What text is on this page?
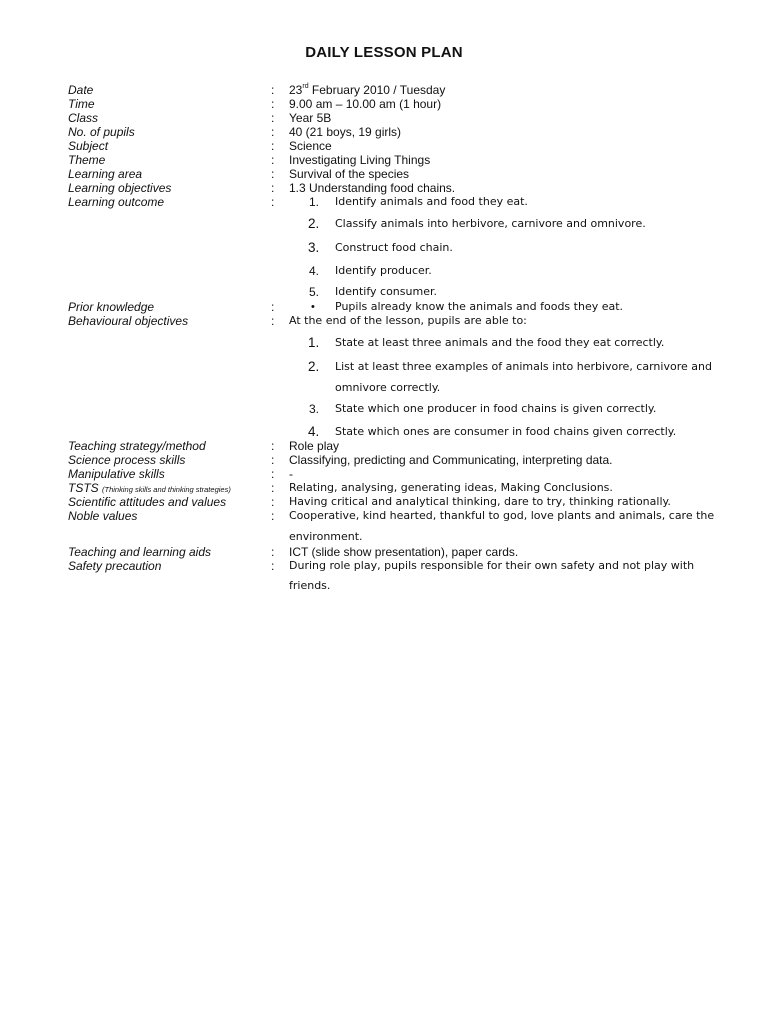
DAILY LESSON PLAN
Date	: 23rd February 2010 / Tuesday
Time	: 9.00 am – 10.00 am (1 hour)
Class	: Year 5B
No. of pupils	: 40 (21 boys, 19 girls)
Subject	: Science
Theme	: Investigating Living Things
Learning area	: Survival of the species
Learning objectives	: 1.3 Understanding food chains.
Learning outcome	:	1. Identify animals and food they eat.
2. Classify animals into herbivore, carnivore and omnivore.
3. Construct food chain.
4. Identify producer.
5. Identify consumer.
Prior knowledge	:	• Pupils already know the animals and foods they eat.
Behavioural objectives	: At the end of the lesson, pupils are able to:
1. State at least three animals and the food they eat correctly.
2. List at least three examples of animals into herbivore, carnivore and
omnivore correctly.
3. State which one producer in food chains is given correctly.
4. State which ones are consumer in food chains given correctly.
Teaching strategy/method	: Role play
Science process skills	: Classifying, predicting and Communicating, interpreting data.
Manipulative skills	: -
TSTS (Thinking skills and thinking strategies)	: Relating, analysing, generating ideas, Making Conclusions.
Scientific attitudes and values	: Having critical and analytical thinking, dare to try, thinking rationally.
Noble values	: Cooperative, kind hearted, thankful to god, love plants and animals, care the
environment.
Teaching and learning aids	: ICT (slide show presentation), paper cards.
Safety precaution	: During role play, pupils responsible for their own safety and not play with
friends.
